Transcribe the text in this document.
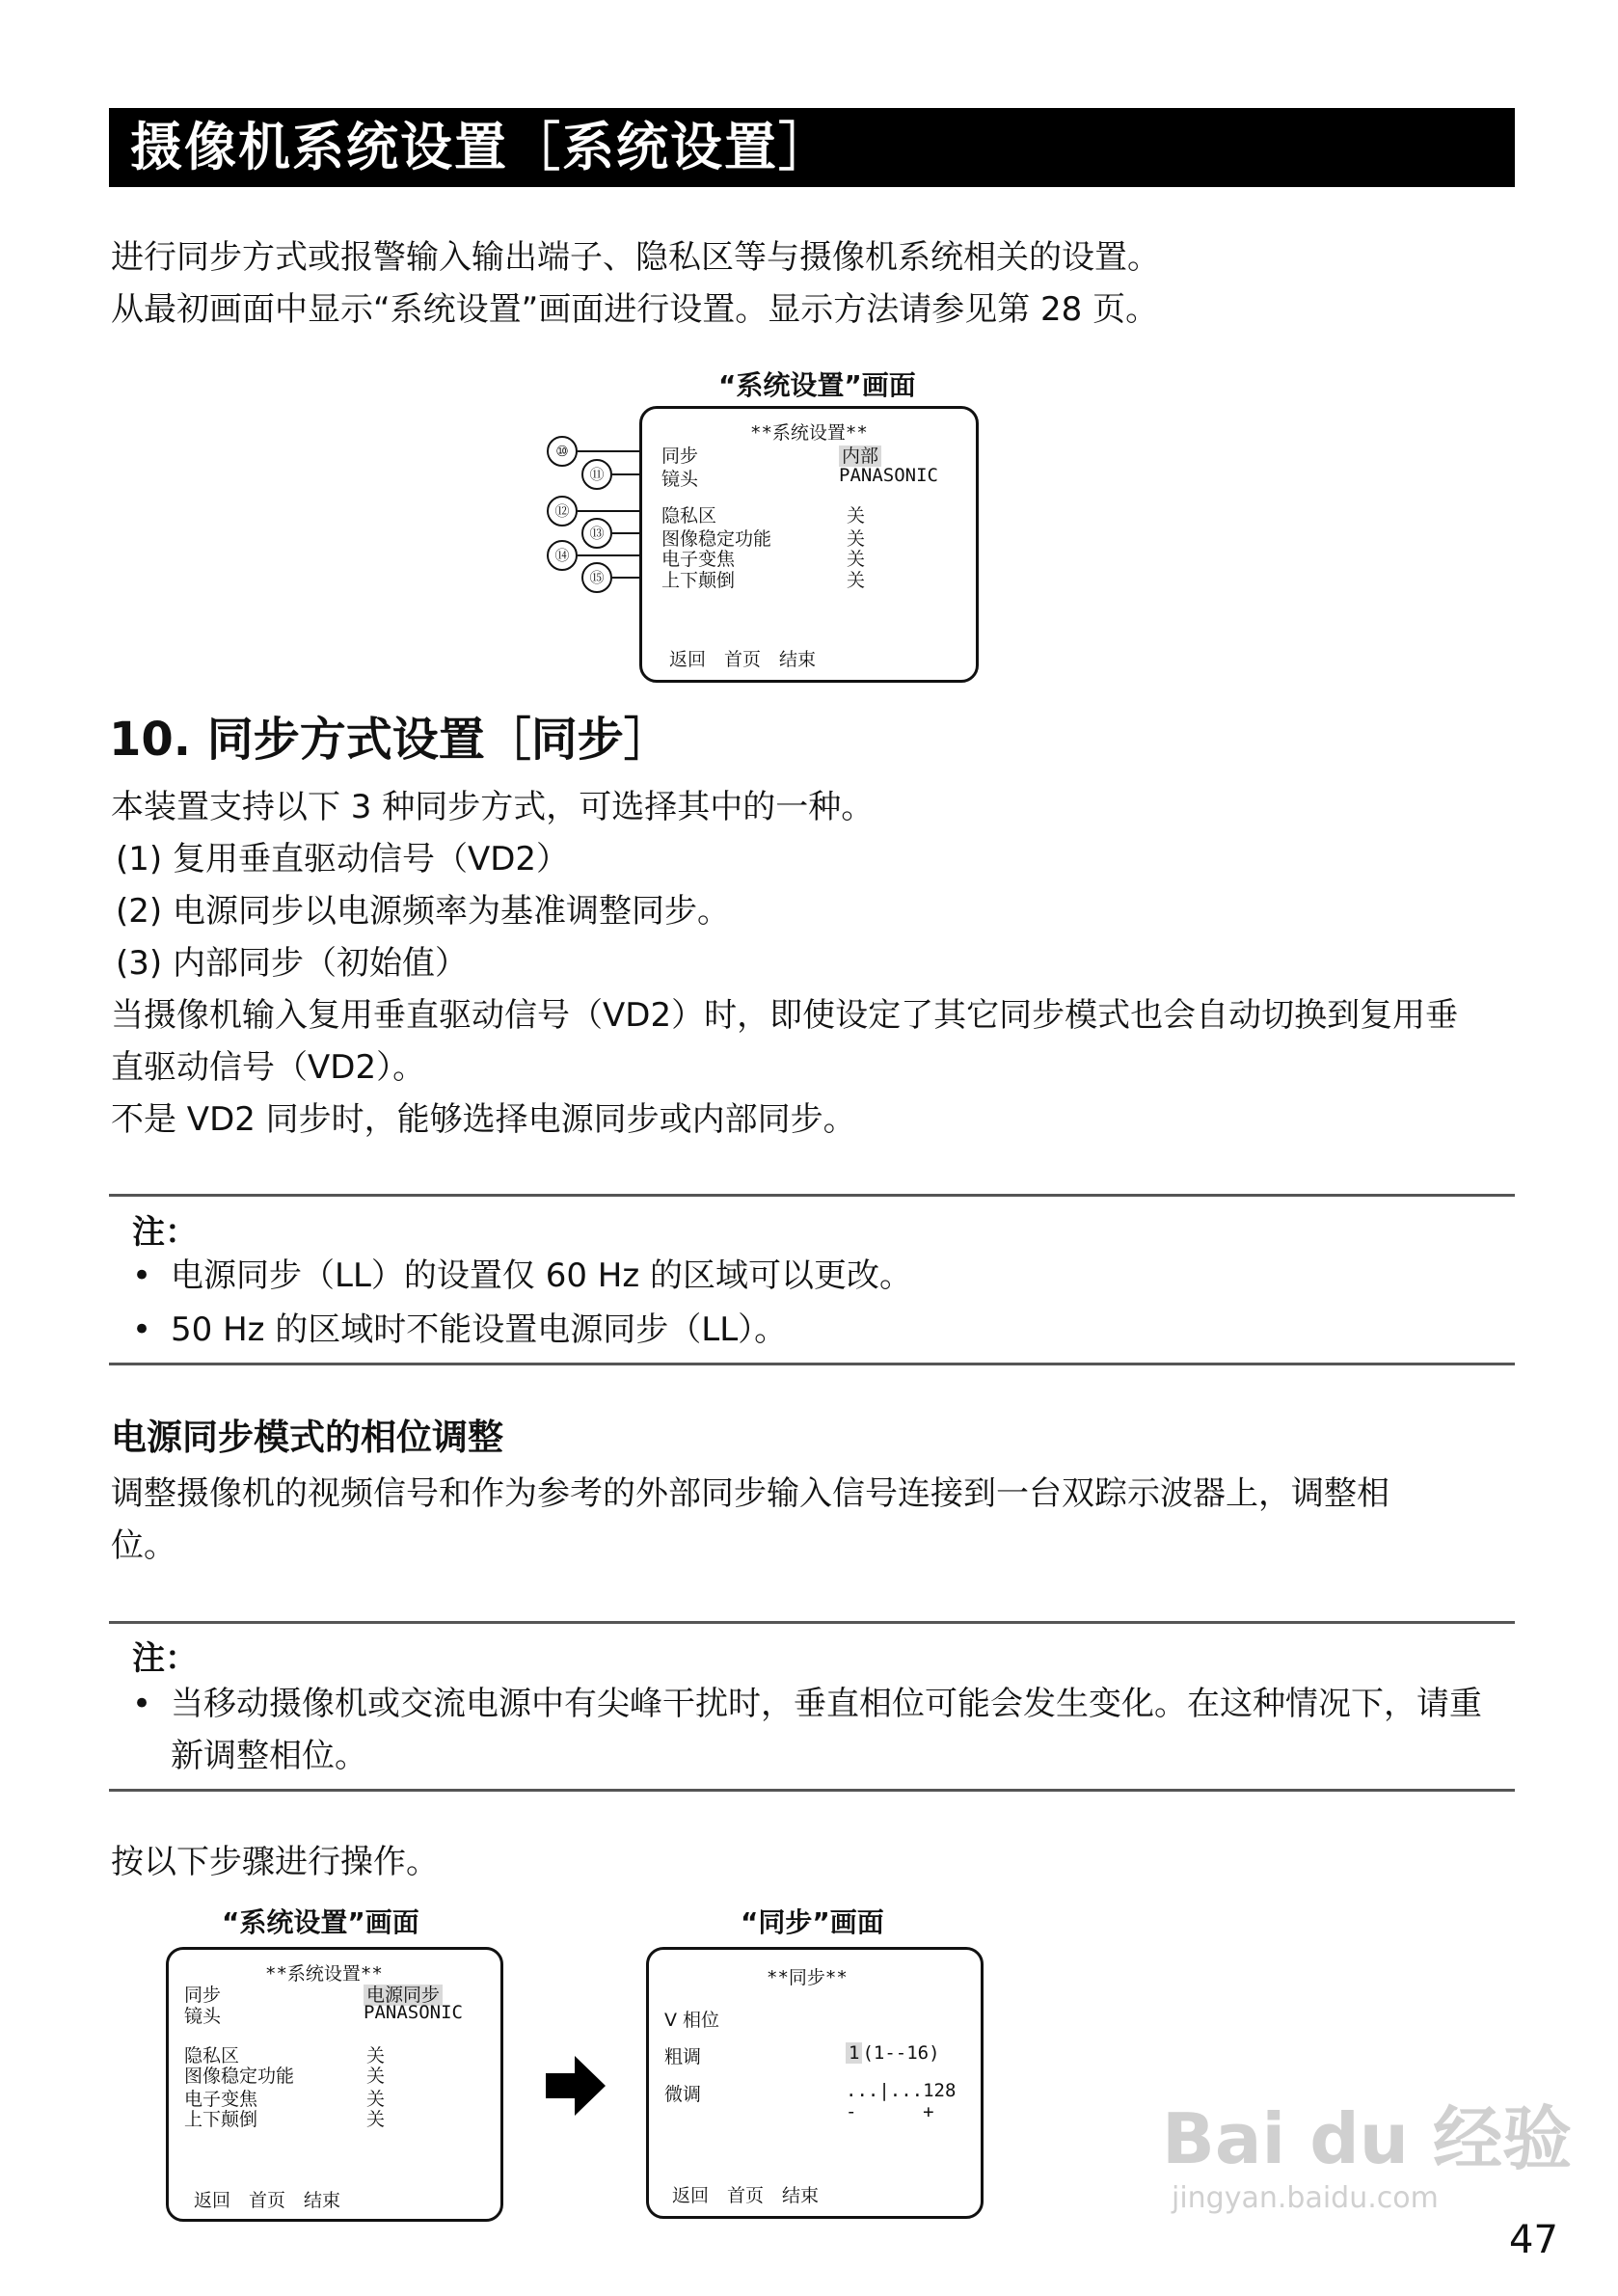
摄像机系统设置［系统设置］
进行同步方式或报警输入输出端子、隐私区等与摄像机系统相关的设置。
从最初画面中显示“系统设置”画面进行设置。显示方法请参见第 28 页。
“系统设置”画面
**系统设置**
同步	内部
镜头	PANASONIC
隐私区	关
图像稳定功能	关
电子变焦	关
上下颠倒	关
返回　首页　结束
⑩
⑪
⑫
⑬
⑭
⑮
10. 同步方式设置［同步］
本装置支持以下 3 种同步方式，可选择其中的一种。
(1) 复用垂直驱动信号（VD2）
(2) 电源同步以电源频率为基准调整同步。
(3) 内部同步（初始值）
当摄像机输入复用垂直驱动信号（VD2）时，即使设定了其它同步模式也会自动切换到复用垂
直驱动信号（VD2）。
不是 VD2 同步时，能够选择电源同步或内部同步。
注：
• 电源同步（LL）的设置仅 60 Hz 的区域可以更改。
• 50 Hz 的区域时不能设置电源同步（LL）。
电源同步模式的相位调整
调整摄像机的视频信号和作为参考的外部同步输入信号连接到一台双踪示波器上，调整相
位。
注：
• 当移动摄像机或交流电源中有尖峰干扰时，垂直相位可能会发生变化。在这种情况下，请重新调整相位。
按以下步骤进行操作。
“系统设置”画面	“同步”画面
**系统设置**
同步	电源同步
镜头	PANASONIC
隐私区	关
图像稳定功能	关
电子变焦	关
上下颠倒	关
返回　首页　结束
**同步**
V 相位
粗调	1 (1--16)
微调	...|...128
-      +
返回　首页　结束
Bai du 经验
jingyan.baidu.com
47
